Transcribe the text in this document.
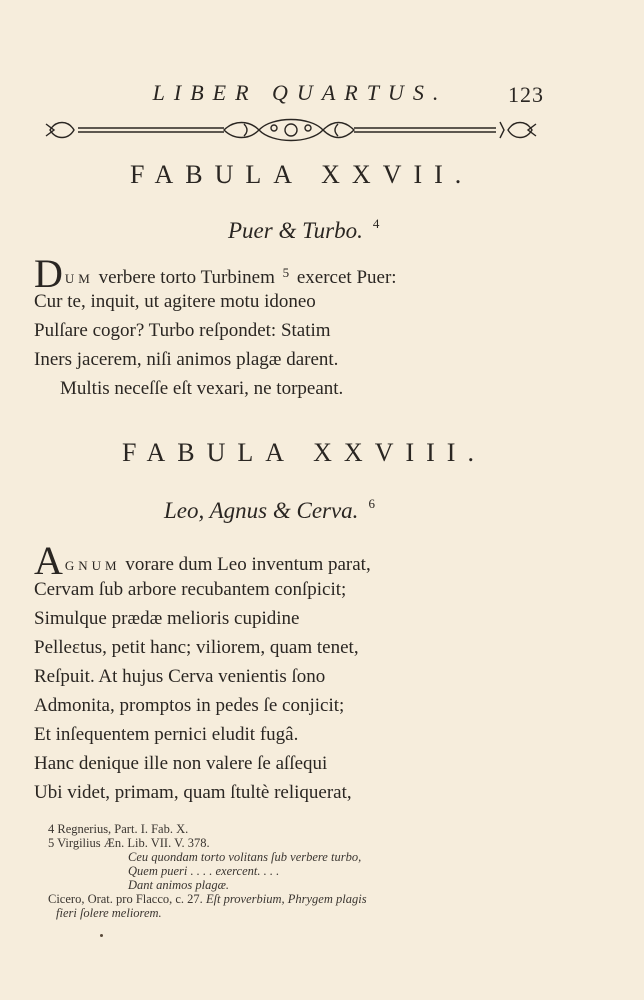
LIBER QUARTUS.	123
FABULA XXVII.
Puer & Turbo. $^4$
DUM verbere torto Turbinem $^5$ exercet Puer:
Cur te, inquit, ut agitere motu idoneo
Pulſare cogor? Turbo reſpondet: Statim
Iners jacerem, niſi animos plagæ darent.
Multis neceſſe eſt vexari, ne torpeant.
FABULA XXVIII.
Leo, Agnus & Cerva. $^6$
AGNUM vorare dum Leo inventum parat,
Cervam ſub arbore recubantem conſpicit;
Simulque prædæ melioris cupidine
Pelleɛtus, petit hanc; viliorem, quam tenet,
Reſpuit. At hujus Cerva venientis ſono
Admonita, promptos in pedes ſe conjicit;
Et inſequentem pernici eludit fugâ.
Hanc denique ille non valere ſe aſſequi
Ubi videt, primam, quam ſtultè reliquerat,
4 Regnerius, Part. I. Fab. X.
5 Virgilius Æn. Lib. VII. V. 378.
Ceu quondam torto volitans ſub verbere turbo,
Quem pueri . . . . exercent. . . .
Dant animos plagæ.
Cicero, Orat. pro Flacco, c. 27. Eſt proverbium, Phrygem plagis
fieri ſolere meliorem.
